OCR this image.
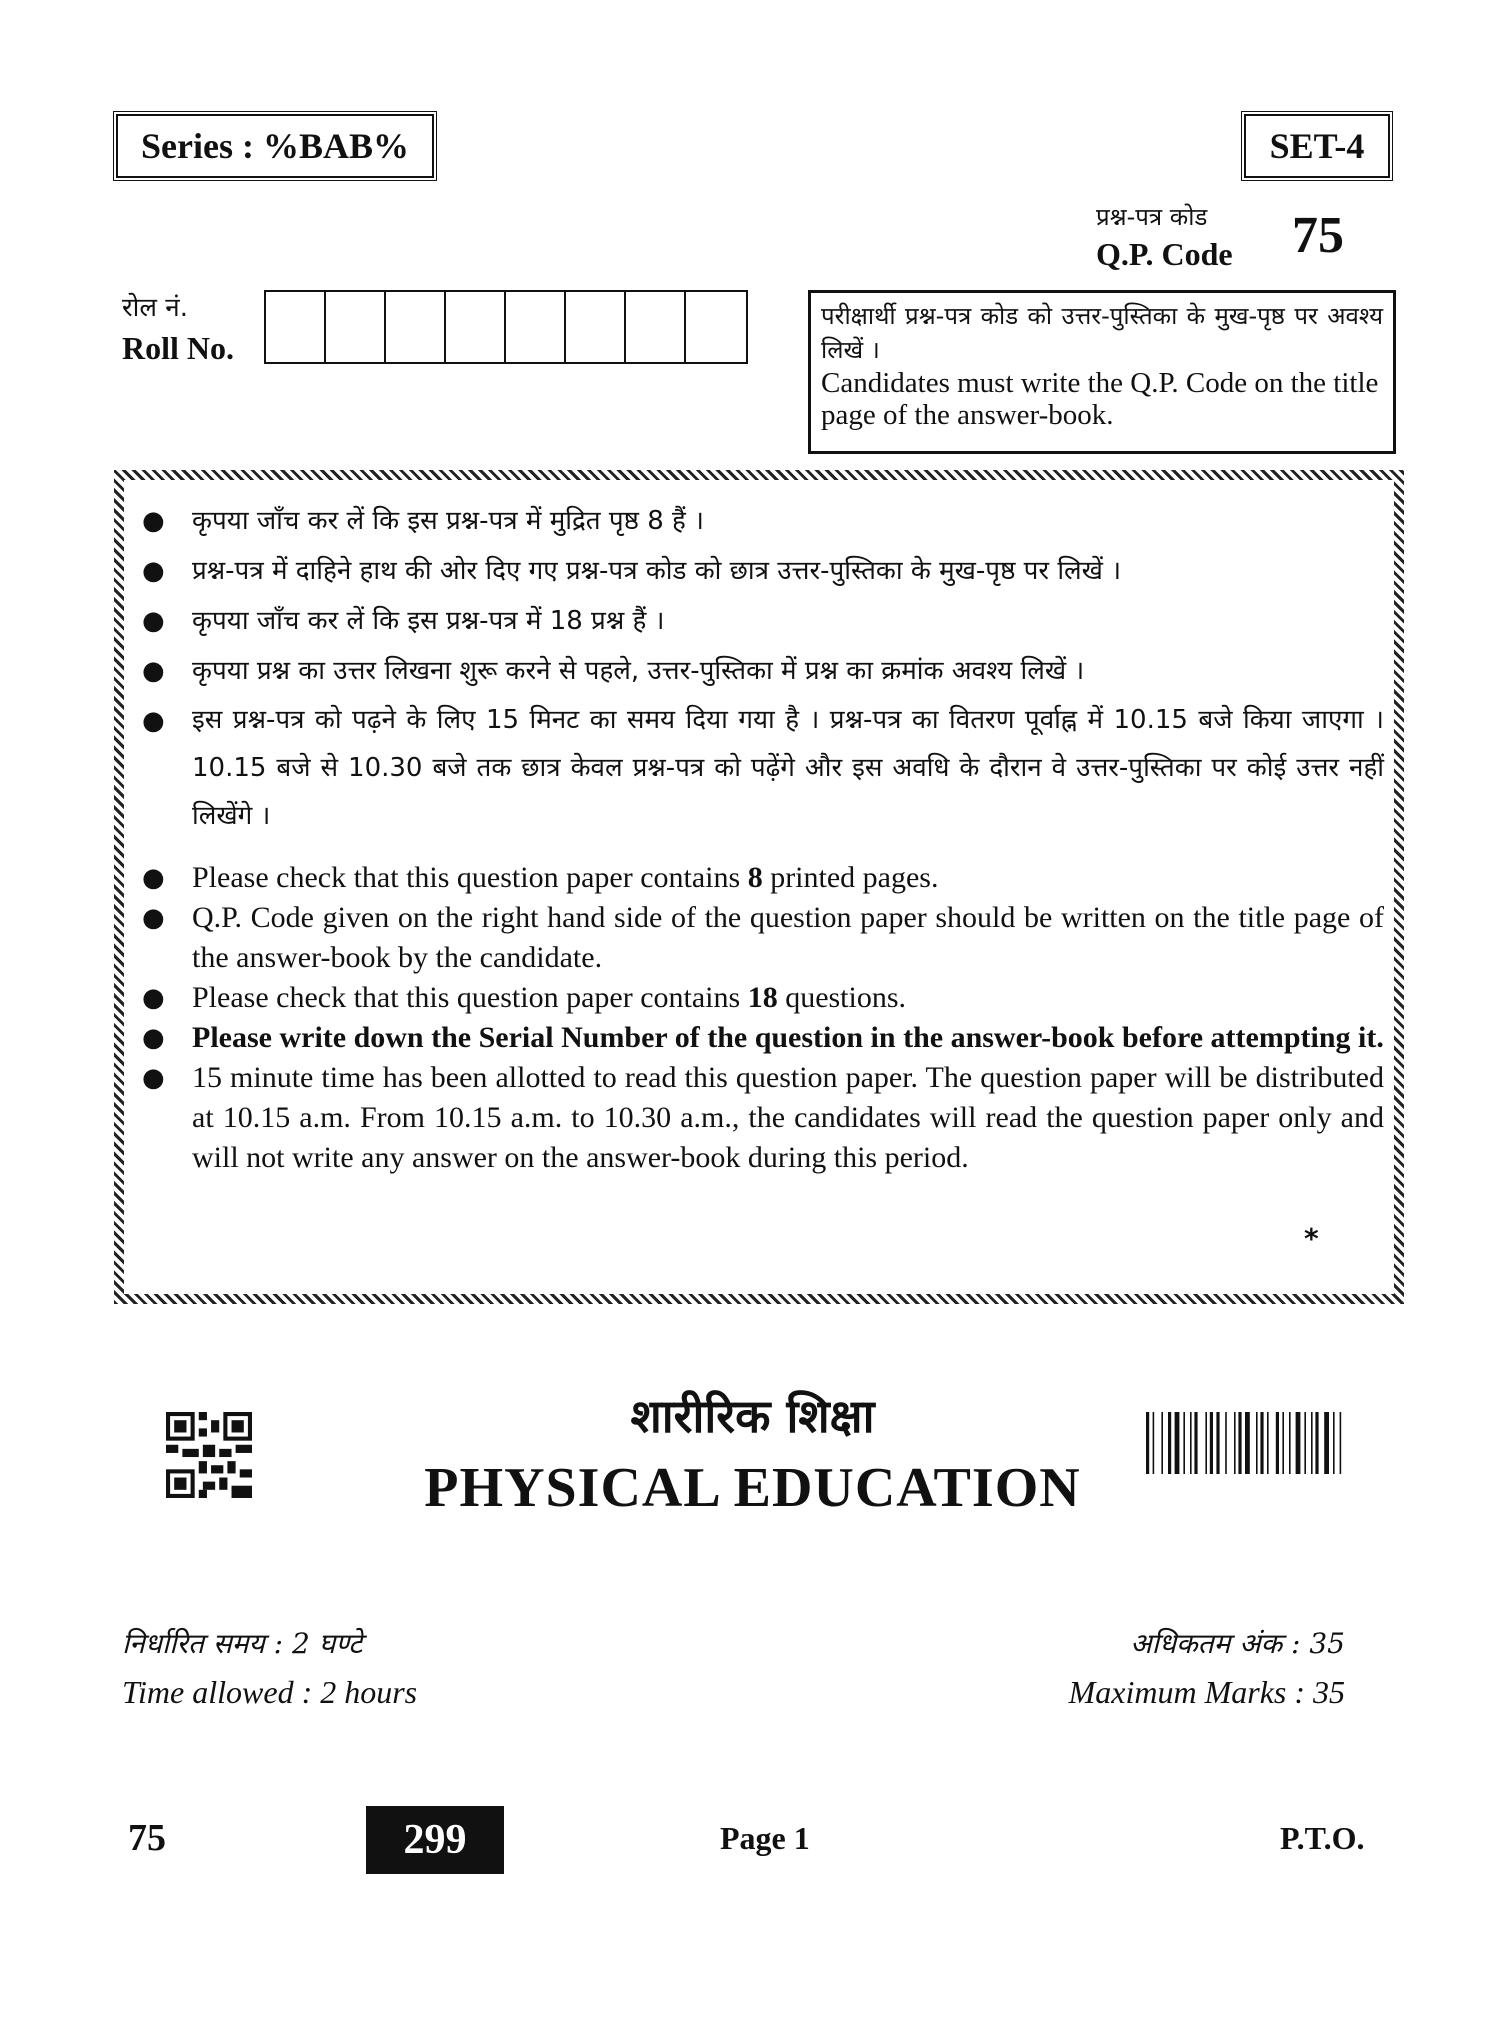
Series : %BAB%	SET-4
प्रश्न-पत्र कोड
Q.P. Code 75
रोल नं.
Roll No.
परीक्षार्थी प्रश्न-पत्र कोड को उत्तर-पुस्तिका के मुख-पृष्ठ पर अवश्य लिखें ।
Candidates must write the Q.P. Code on the title page of the answer-book.
● कृपया जाँच कर लें कि इस प्रश्न-पत्र में मुद्रित पृष्ठ 8 हैं ।
● प्रश्न-पत्र में दाहिने हाथ की ओर दिए गए प्रश्न-पत्र कोड को छात्र उत्तर-पुस्तिका के मुख-पृष्ठ पर लिखें ।
● कृपया जाँच कर लें कि इस प्रश्न-पत्र में 18 प्रश्न हैं ।
● कृपया प्रश्न का उत्तर लिखना शुरू करने से पहले, उत्तर-पुस्तिका में प्रश्न का क्रमांक अवश्य लिखें ।
● इस प्रश्न-पत्र को पढ़ने के लिए 15 मिनट का समय दिया गया है । प्रश्न-पत्र का वितरण पूर्वाह्न में 10.15 बजे किया जाएगा । 10.15 बजे से 10.30 बजे तक छात्र केवल प्रश्न-पत्र को पढ़ेंगे और इस अवधि के दौरान वे उत्तर-पुस्तिका पर कोई उत्तर नहीं लिखेंगे ।
● Please check that this question paper contains 8 printed pages.
● Q.P. Code given on the right hand side of the question paper should be written on the title page of the answer-book by the candidate.
● Please check that this question paper contains 18 questions.
● Please write down the Serial Number of the question in the answer-book before attempting it.
● 15 minute time has been allotted to read this question paper. The question paper will be distributed at 10.15 a.m. From 10.15 a.m. to 10.30 a.m., the candidates will read the question paper only and will not write any answer on the answer-book during this period.
*
शारीरिक शिक्षा
PHYSICAL EDUCATION
निर्धारित समय : 2 घण्टे
Time allowed : 2 hours
अधिकतम अंक : 35
Maximum Marks : 35
75	299	Page 1	P.T.O.
